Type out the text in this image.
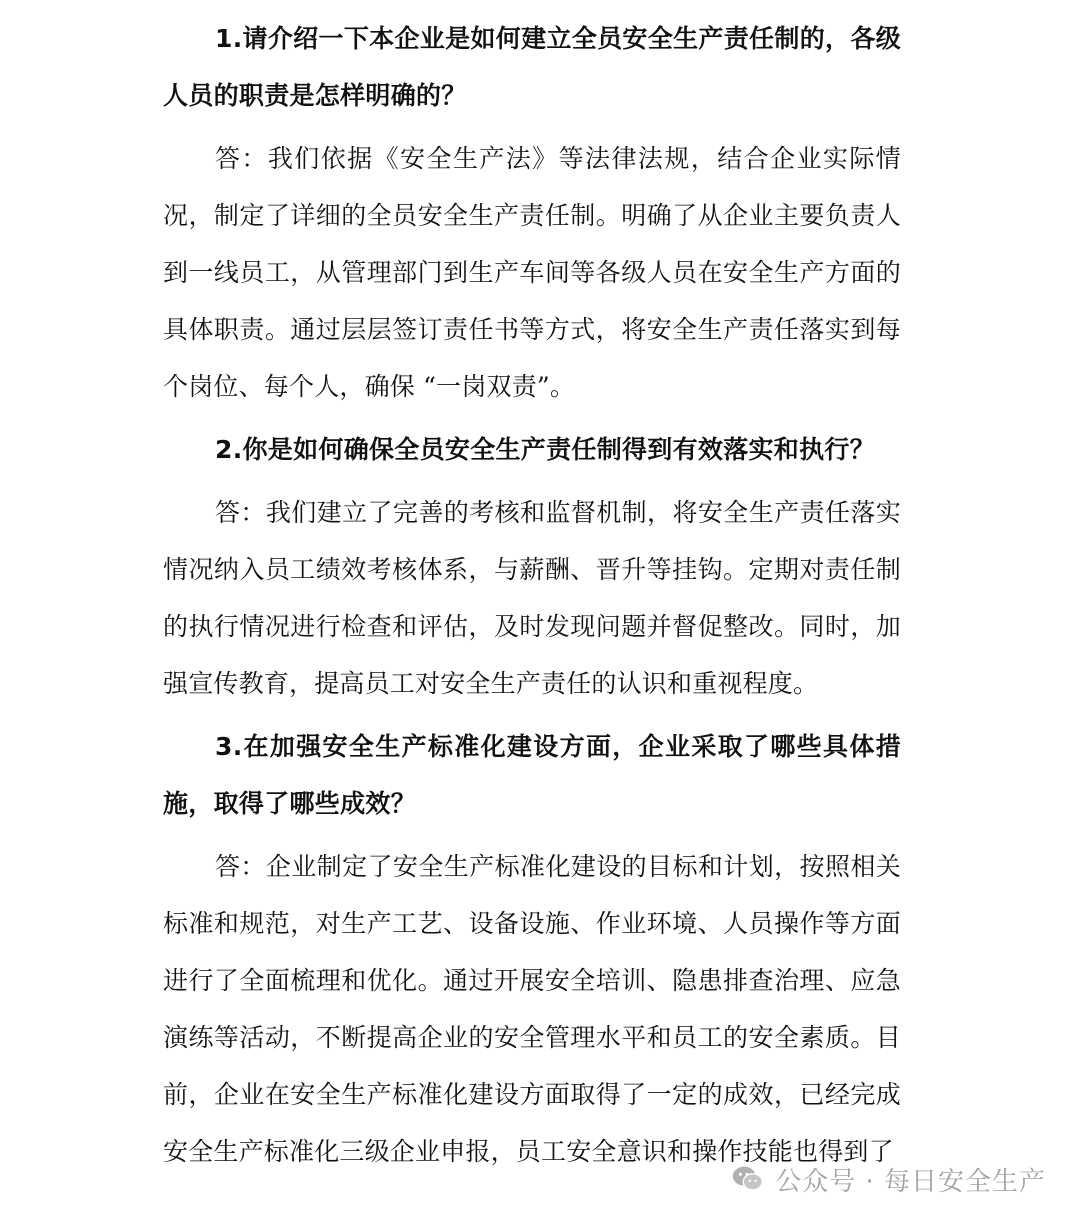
1.请介绍一下本企业是如何建立全员安全生产责任制的，各级人员的职责是怎样明确的？

答：我们依据《安全生产法》等法律法规，结合企业实际情况，制定了详细的全员安全生产责任制。明确了从企业主要负责人到一线员工，从管理部门到生产车间等各级人员在安全生产方面的具体职责。通过层层签订责任书等方式，将安全生产责任落实到每个岗位、每个人，确保 “一岗双责”。

2.你是如何确保全员安全生产责任制得到有效落实和执行？

答：我们建立了完善的考核和监督机制，将安全生产责任落实情况纳入员工绩效考核体系，与薪酬、晋升等挂钩。定期对责任制的执行情况进行检查和评估，及时发现问题并督促整改。同时，加强宣传教育，提高员工对安全生产责任的认识和重视程度。

3.在加强安全生产标准化建设方面，企业采取了哪些具体措施，取得了哪些成效？

答：企业制定了安全生产标准化建设的目标和计划，按照相关标准和规范，对生产工艺、设备设施、作业环境、人员操作等方面进行了全面梳理和优化。通过开展安全培训、隐患排查治理、应急演练等活动，不断提高企业的安全管理水平和员工的安全素质。目前，企业在安全生产标准化建设方面取得了一定的成效，已经完成安全生产标准化三级企业申报，员工安全意识和操作技能也得到了

公众号 · 每日安全生产
